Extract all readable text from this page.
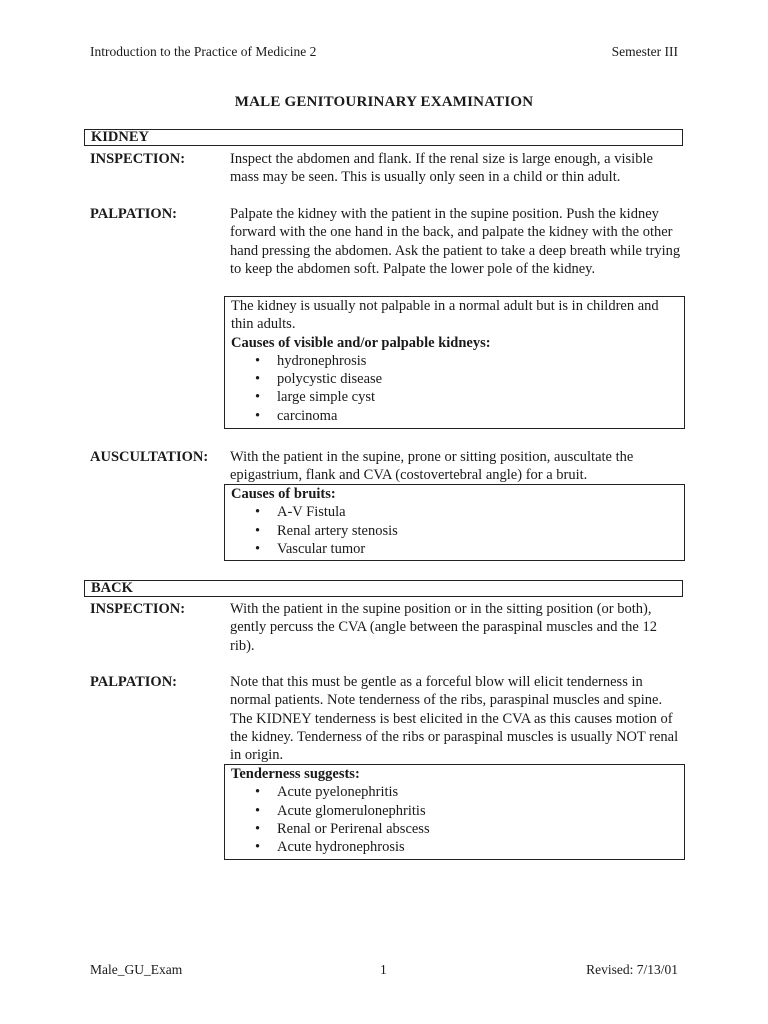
Introduction to the Practice of Medicine 2	Semester III
MALE GENITOURINARY EXAMINATION
KIDNEY
INSPECTION:	Inspect the abdomen and flank. If the renal size is large enough, a visible mass may be seen. This is usually only seen in a child or thin adult.
PALPATION:	Palpate the kidney with the patient in the supine position. Push the kidney forward with the one hand in the back, and palpate the kidney with the other hand pressing the abdomen. Ask the patient to take a deep breath while trying to keep the abdomen soft. Palpate the lower pole of the kidney.

The kidney is usually not palpable in a normal adult but is in children and thin adults.

Causes of visible and/or palpable kidneys:

• hydronephrosis
• polycystic disease
• large simple cyst
• carcinoma
AUSCULTATION: With the patient in the supine, prone or sitting position, auscultate the epigastrium, flank and CVA (costovertebral angle) for a bruit.

Causes of bruits:

• A-V Fistula
• Renal artery stenosis
• Vascular tumor
BACK
INSPECTION:	With the patient in the supine position or in the sitting position (or both), gently percuss the CVA (angle between the paraspinal muscles and the 12 rib).
PALPATION:	Note that this must be gentle as a forceful blow will elicit tenderness in normal patients. Note tenderness of the ribs, paraspinal muscles and spine. The KIDNEY tenderness is best elicited in the CVA as this causes motion of the kidney. Tenderness of the ribs or paraspinal muscles is usually NOT renal in origin.

Tenderness suggests:

• Acute pyelonephritis
• Acute glomerulonephritis
• Renal or Perirenal abscess
• Acute hydronephrosis
Male_GU_Exam	1	Revised: 7/13/01
